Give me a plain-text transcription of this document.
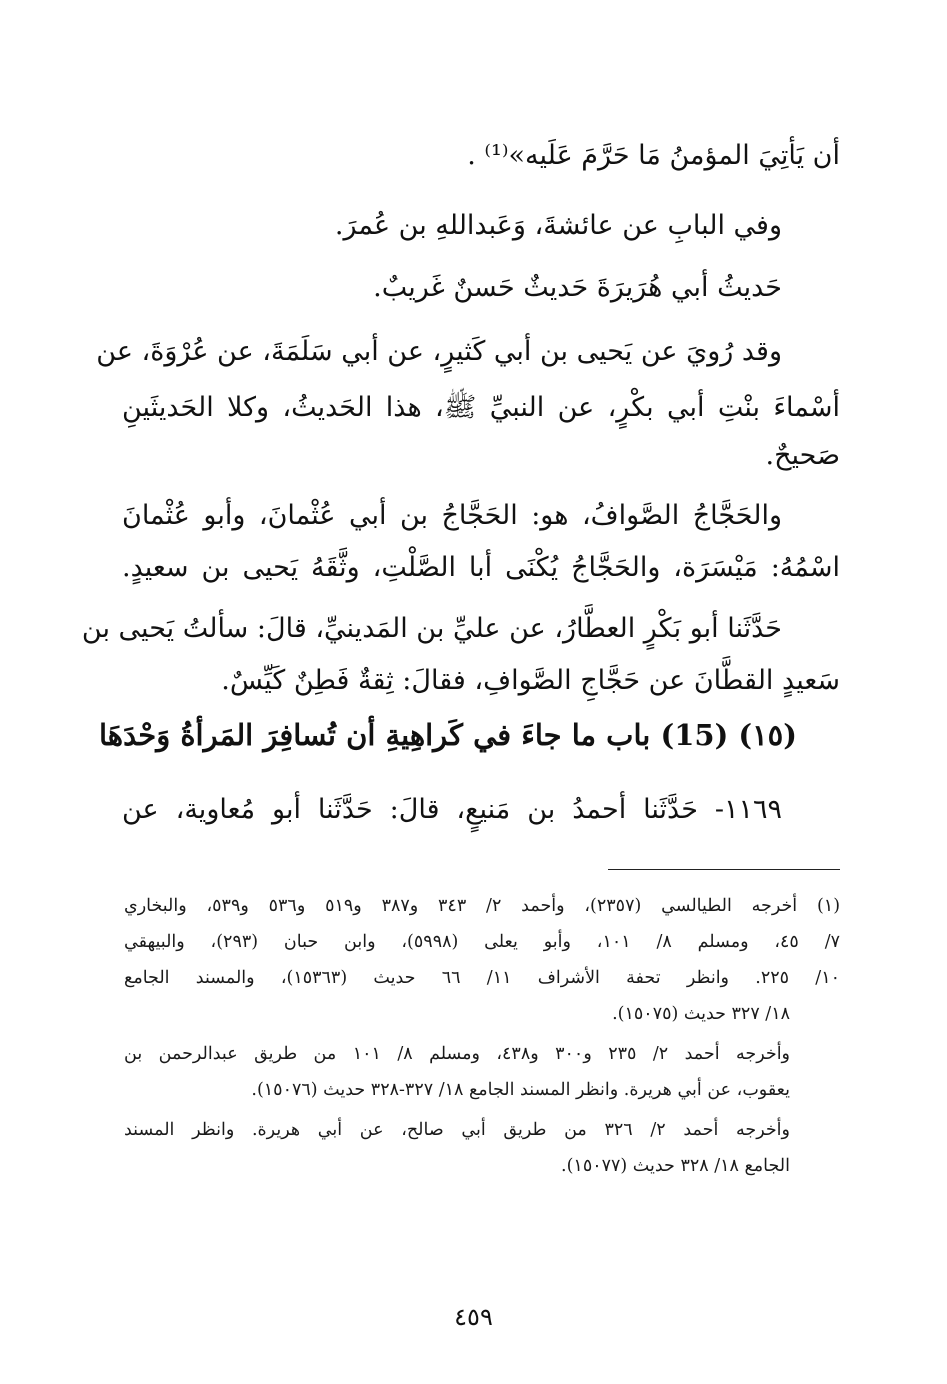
أن يَأتِيَ المؤمنُ مَا حَرَّمَ عَلَيه»⁽¹⁾ .
وفي البابِ عن عائشةَ، وَعَبداللهِ بن عُمرَ.
حَديثُ أبي هُرَيرَةَ حَديثٌ حَسنٌ غَريبٌ.
وقد رُويَ عن يَحيى بن أبي كَثيرٍ، عن أبي سَلَمَةَ، عن عُرْوَةَ، عن
أسْماءَ بنْتِ أبي بكْرٍ، عن النبيِّ ﷺ، هذا الحَديثُ، وكلا الحَديثَينِ
صَحيحٌ.
والحَجَّاجُ الصَّوافُ، هو: الحَجَّاجُ بن أبي عُثْمانَ، وأبو عُثْمانَ
اسْمُهُ: مَيْسَرَة، والحَجَّاجُ يُكْنَى أبا الصَّلْتِ، وثَّقَهُ يَحيى بن سعيدٍ.
حَدَّثَنا أبو بَكْرٍ العطَّارُ، عن عليِّ بن المَدينيِّ، قالَ: سألتُ يَحيى بن
سَعيدٍ القطَّانَ عن حَجَّاجِ الصَّوافِ، فقالَ: ثِقةٌ فَطِنٌ كَيِّسٌ.
(١٥) (15) باب ما جاءَ في كَراهِيةِ أن تُسافِرَ المَرأةُ وَحْدَهَا
١١٦٩- حَدَّثَنا أحمدُ بن مَنيعٍ، قالَ: حَدَّثَنا أبو مُعاوية، عن
(١) أخرجه الطيالسي (٢٣٥٧)، وأحمد ٢/ ٣٤٣ و٣٨٧ و٥١٩ و٥٣٦ و٥٣٩، والبخاري
٧/ ٤٥، ومسلم ٨/ ١٠١، وأبو يعلى (٥٩٩٨)، وابن حبان (٢٩٣)، والبيهقي
١٠/ ٢٢٥. وانظر تحفة الأشراف ١١/ ٦٦ حديث (١٥٣٦٣)، والمسند الجامع
١٨/ ٣٢٧ حديث (١٥٠٧٥).
وأخرجه أحمد ٢/ ٢٣٥ و٣٠٠ و٤٣٨، ومسلم ٨/ ١٠١ من طريق عبدالرحمن بن
يعقوب، عن أبي هريرة. وانظر المسند الجامع ١٨/ ٣٢٧-٣٢٨ حديث (١٥٠٧٦).
وأخرجه أحمد ٢/ ٣٢٦ من طريق أبي صالح، عن أبي هريرة. وانظر المسند
الجامع ١٨/ ٣٢٨ حديث (١٥٠٧٧).
٤٥٩
